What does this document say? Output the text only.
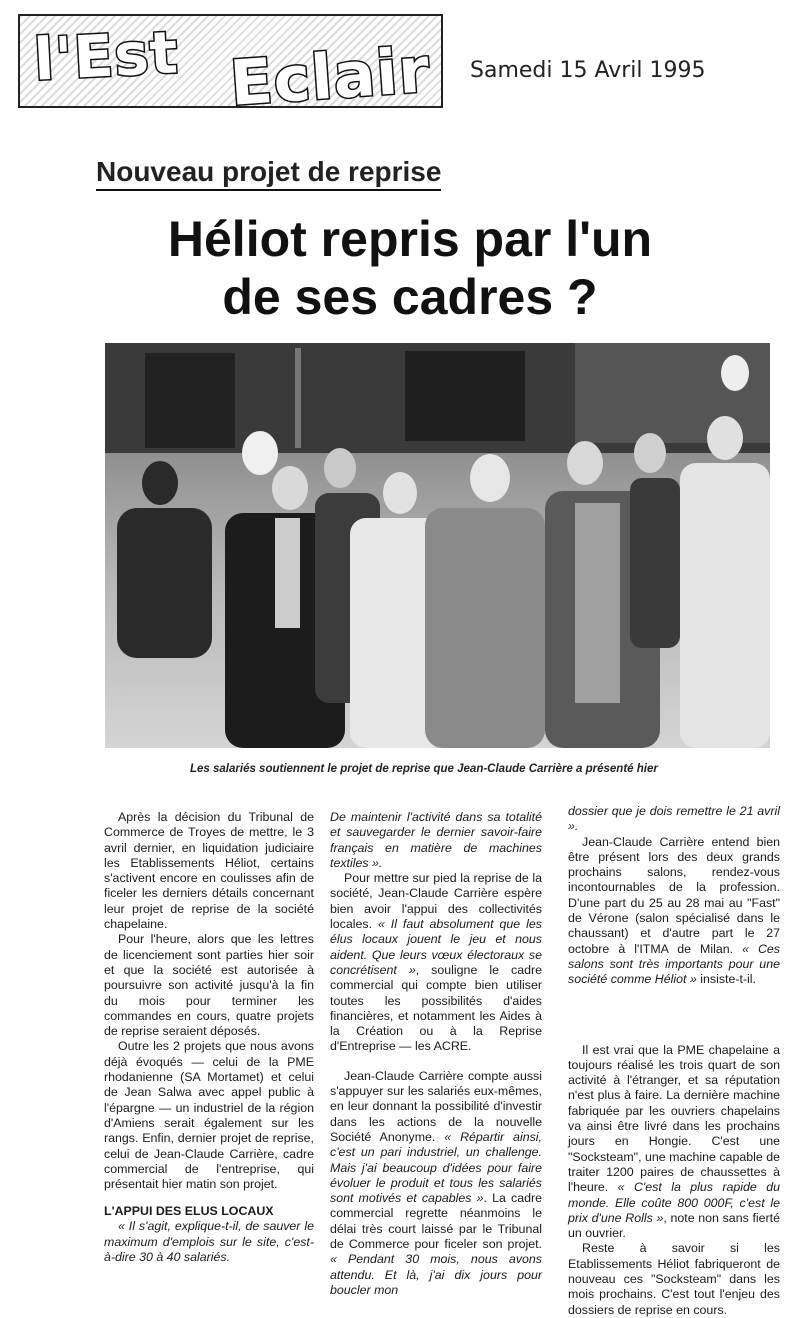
l'Est Eclair Samedi 15 Avril 1995
Nouveau projet de reprise
Héliot repris par l'un
de ses cadres ?
Les salariés soutiennent le projet de reprise que Jean-Claude Carrière a présenté hier

Après la décision du Tribunal de Commerce de Troyes de mettre, le 3 avril dernier, en liquidation judiciaire les Etablissements Héliot, certains s'activent encore en coulisses afin de ficeler les derniers détails concernant leur projet de reprise de la société chapelaine.

Pour l'heure, alors que les lettres de licenciement sont parties hier soir et que la société est autorisée à poursuivre son activité jusqu'à la fin du mois pour terminer les commandes en cours, quatre projets de reprise seraient déposés.

Outre les 2 projets que nous avons déjà évoqués — celui de la PME rhodanienne (SA Mortamet) et celui de Jean Salwa avec appel public à l'épargne — un industriel de la région d'Amiens serait également sur les rangs. Enfin, dernier projet de reprise, celui de Jean-Claude Carrière, cadre commercial de l'entreprise, qui présentait hier matin son projet.

L'APPUI DES ELUS LOCAUX

« Il s'agit, explique-t-il, de sauver le maximum d'emplois sur le site, c'est-à-dire 30 à 40 salariés.

De maintenir l'activité dans sa totalité et sauvegarder le dernier savoir-faire français en matière de machines textiles ».

Pour mettre sur pied la reprise de la société, Jean-Claude Carrière espère bien avoir l'appui des collectivités locales. « Il faut absolument que les élus locaux jouent le jeu et nous aident. Que leurs vœux électoraux se concrétisent », souligne le cadre commercial qui compte bien utiliser toutes les possibilités d'aides financières, et notamment les Aides à la Création ou à la Reprise d'Entreprise — les ACRE.

Jean-Claude Carrière compte aussi s'appuyer sur les salariés eux-mêmes, en leur donnant la possibilité d'investir dans les actions de la nouvelle Société Anonyme. « Répartir ainsi, c'est un pari industriel, un challenge. Mais j'ai beaucoup d'idées pour faire évoluer le produit et tous les salariés sont motivés et capables ». La cadre commercial regrette néanmoins le délai très court laissé par le Tribunal de Commerce pour ficeler son projet. « Pendant 30 mois, nous avons attendu. Et là, j'ai dix jours pour boucler mon

dossier que je dois remettre le 21 avril ».

Jean-Claude Carrière entend bien être présent lors des deux grands prochains salons, rendez-vous incontournables de la profession. D'une part du 25 au 28 mai au "Fast" de Vérone (salon spécialisé dans le chaussant) et d'autre part le 27 octobre à l'ITMA de Milan. « Ces salons sont très importants pour une société comme Héliot » insiste-t-il.

Il est vrai que la PME chapelaine a toujours réalisé les trois quart de son activité à l'étranger, et sa réputation n'est plus à faire. La dernière machine fabriquée par les ouvriers chapelains va ainsi être livré dans les prochains jours en Hongie. C'est une "Socksteam", une machine capable de traiter 1200 paires de chaussettes à l'heure. « C'est la plus rapide du monde. Elle coûte 800 000F, c'est le prix d'une Rolls », note non sans fierté un ouvrier.

Reste à savoir si les Etablissements Héliot fabriqueront de nouveau ces "Socksteam" dans les mois prochains. C'est tout l'enjeu des dossiers de reprise en cours.
